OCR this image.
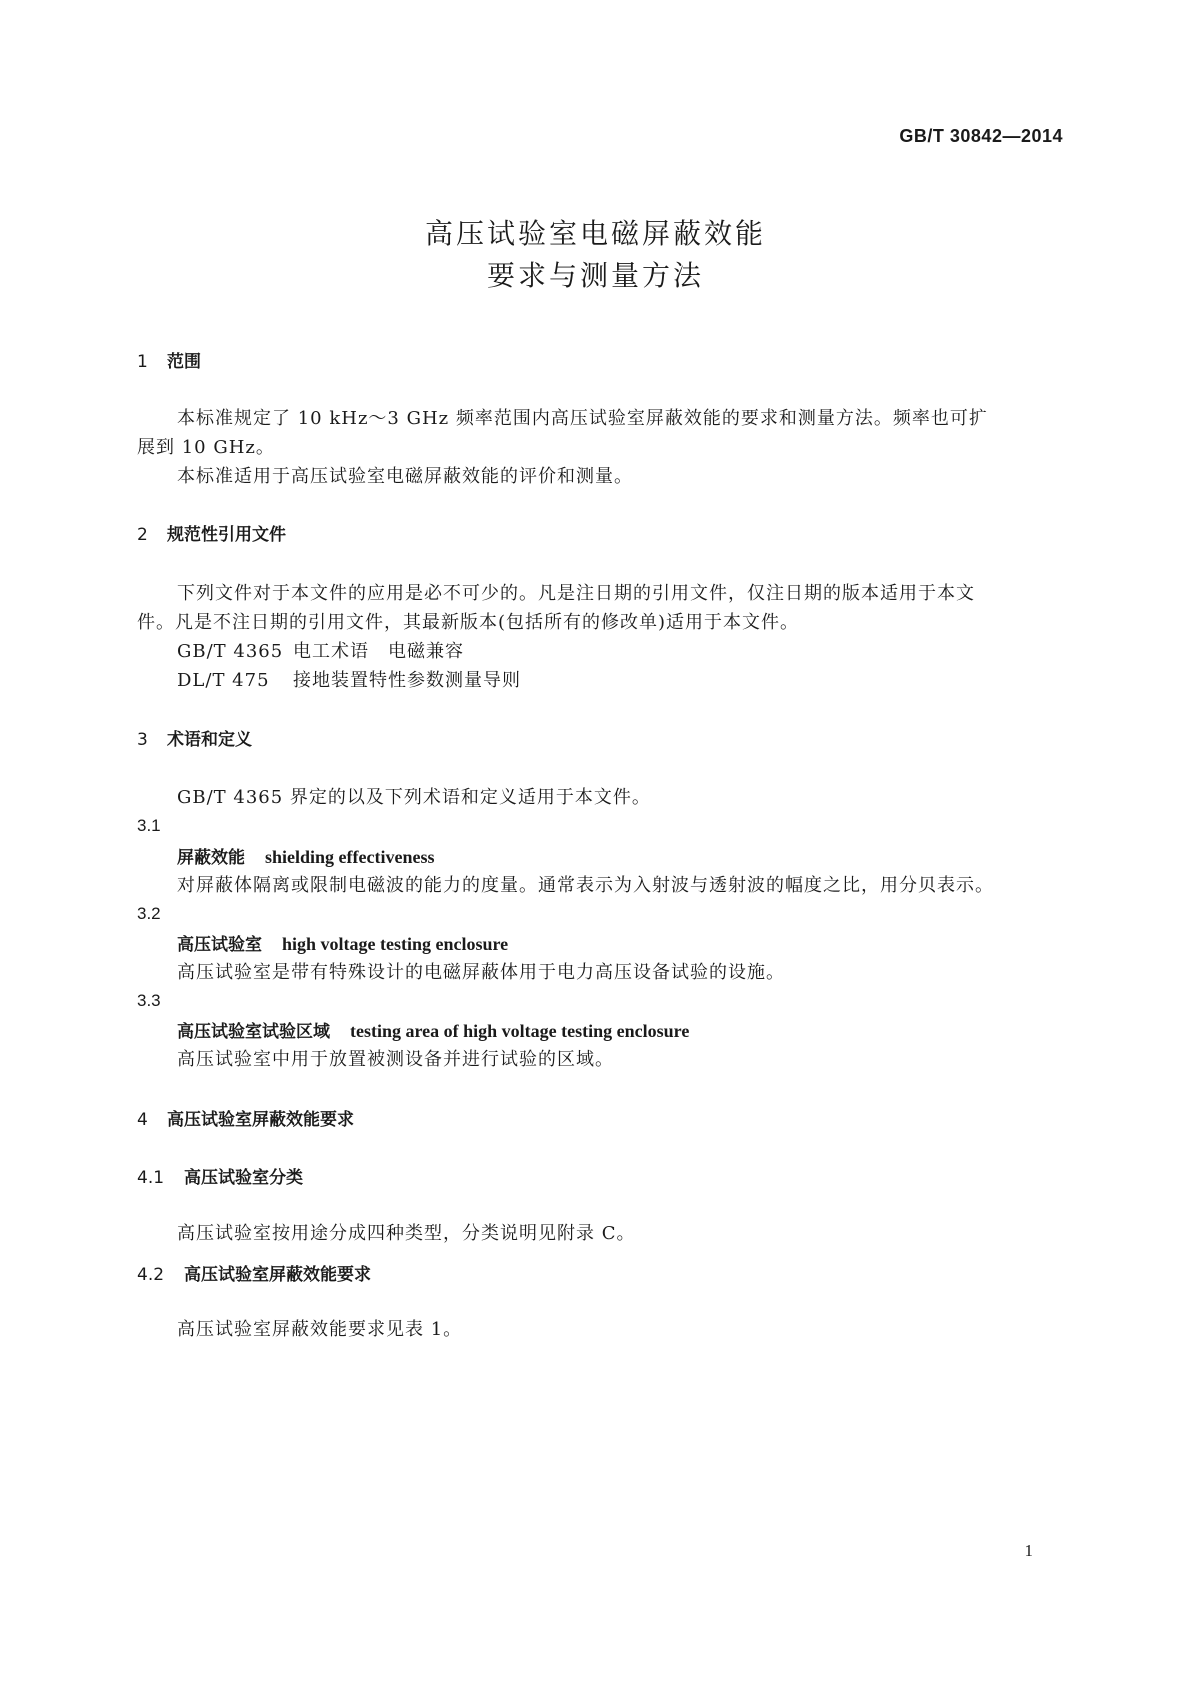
GB/T 30842—2014
高压试验室电磁屏蔽效能
要求与测量方法
1 范围
本标准规定了 10 kHz～3 GHz 频率范围内高压试验室屏蔽效能的要求和测量方法。频率也可扩
展到 10 GHz。
本标准适用于高压试验室电磁屏蔽效能的评价和测量。
2 规范性引用文件
下列文件对于本文件的应用是必不可少的。凡是注日期的引用文件，仅注日期的版本适用于本文
件。凡是不注日期的引用文件，其最新版本(包括所有的修改单)适用于本文件。
GB/T 4365 电工术语　电磁兼容
DL/T 475 接地装置特性参数测量导则
3 术语和定义
GB/T 4365 界定的以及下列术语和定义适用于本文件。
3.1
屏蔽效能 shielding effectiveness
对屏蔽体隔离或限制电磁波的能力的度量。通常表示为入射波与透射波的幅度之比，用分贝表示。
3.2
高压试验室 high voltage testing enclosure
高压试验室是带有特殊设计的电磁屏蔽体用于电力高压设备试验的设施。
3.3
高压试验室试验区域 testing area of high voltage testing enclosure
高压试验室中用于放置被测设备并进行试验的区域。
4 高压试验室屏蔽效能要求
4.1 高压试验室分类
高压试验室按用途分成四种类型，分类说明见附录 C。
4.2 高压试验室屏蔽效能要求
高压试验室屏蔽效能要求见表 1。
1
